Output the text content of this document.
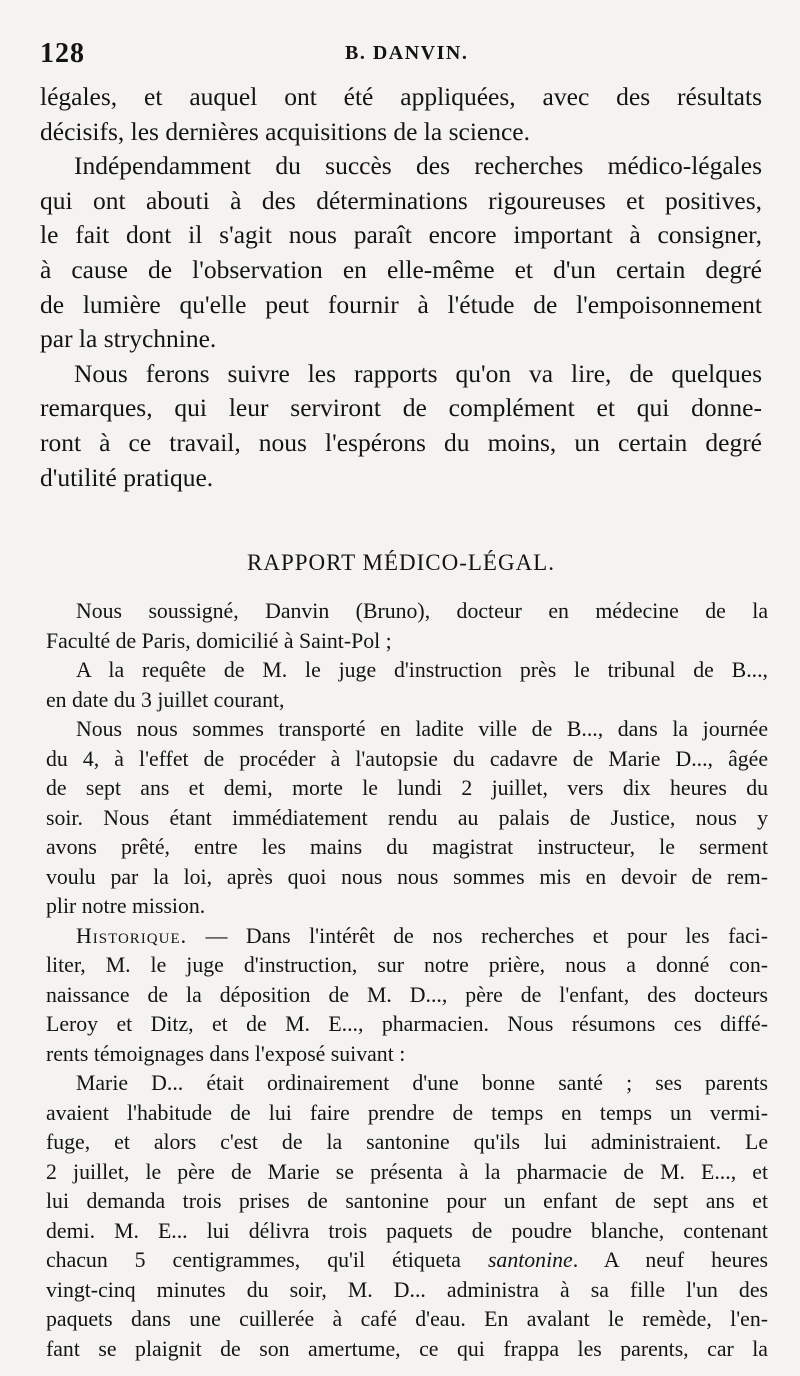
128	B. DANVIN.

légales, et auquel ont été appliquées, avec des résultats

décisifs, les dernières acquisitions de la science.

Indépendamment du succès des recherches médico-légales

qui ont abouti à des déterminations rigoureuses et positives,

le fait dont il s'agit nous paraît encore important à consigner,

à cause de l'observation en elle-même et d'un certain degré

de lumière qu'elle peut fournir à l'étude de l'empoisonnement

par la strychnine.

Nous ferons suivre les rapports qu'on va lire, de quelques

remarques, qui leur serviront de complément et qui donne-

ront à ce travail, nous l'espérons du moins, un certain degré

d'utilité pratique.

RAPPORT MÉDICO-LÉGAL.

Nous soussigné, Danvin (Bruno), docteur en médecine de la

Faculté de Paris, domicilié à Saint-Pol ;

A la requête de M. le juge d'instruction près le tribunal de B...,

en date du 3 juillet courant,

Nous nous sommes transporté en ladite ville de B..., dans la journée

du 4, à l'effet de procéder à l'autopsie du cadavre de Marie D..., âgée

de sept ans et demi, morte le lundi 2 juillet, vers dix heures du

soir. Nous étant immédiatement rendu au palais de Justice, nous y

avons prêté, entre les mains du magistrat instructeur, le serment

voulu par la loi, après quoi nous nous sommes mis en devoir de rem-

plir notre mission.

Historique. — Dans l'intérêt de nos recherches et pour les faci-

liter, M. le juge d'instruction, sur notre prière, nous a donné con-

naissance de la déposition de M. D..., père de l'enfant, des docteurs

Leroy et Ditz, et de M. E..., pharmacien. Nous résumons ces diffé-

rents témoignages dans l'exposé suivant :

Marie D... était ordinairement d'une bonne santé ; ses parents

avaient l'habitude de lui faire prendre de temps en temps un vermi-

fuge, et alors c'est de la santonine qu'ils lui administraient. Le

2 juillet, le père de Marie se présenta à la pharmacie de M. E..., et

lui demanda trois prises de santonine pour un enfant de sept ans et

demi. M. E... lui délivra trois paquets de poudre blanche, contenant

chacun 5 centigrammes, qu'il étiqueta santonine. A neuf heures

vingt-cinq minutes du soir, M. D... administra à sa fille l'un des

paquets dans une cuillerée à café d'eau. En avalant le remède, l'en-

fant se plaignit de son amertume, ce qui frappa les parents, car la
